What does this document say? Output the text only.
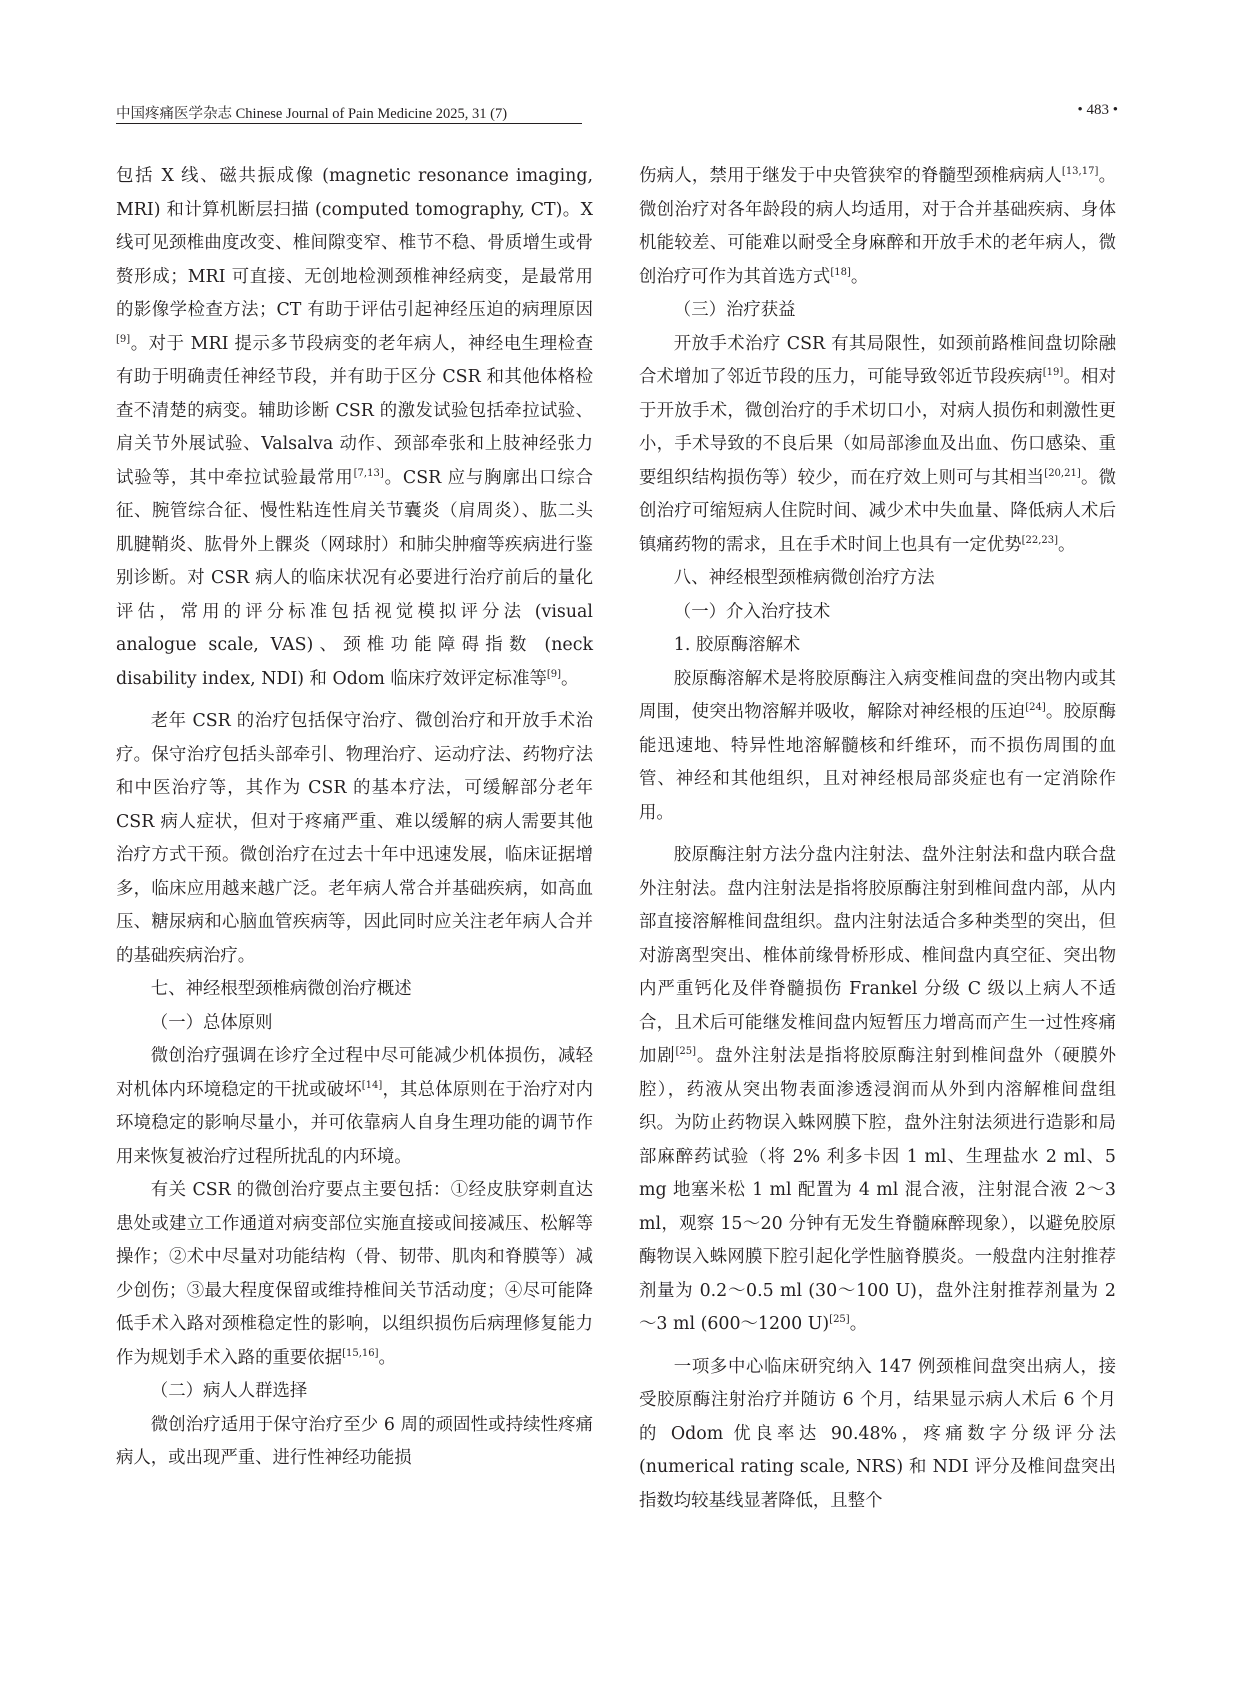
中国疼痛医学杂志 Chinese Journal of Pain Medicine 2025, 31 (7)	• 483 •

包括 X 线、磁共振成像 (magnetic resonance imaging, MRI) 和计算机断层扫描 (computed tomography, CT)。X 线可见颈椎曲度改变、椎间隙变窄、椎节不稳、骨质增生或骨赘形成；MRI 可直接、无创地检测颈椎神经病变，是最常用的影像学检查方法；CT 有助于评估引起神经压迫的病理原因[9]。对于 MRI 提示多节段病变的老年病人，神经电生理检查有助于明确责任神经节段，并有助于区分 CSR 和其他体格检查不清楚的病变。辅助诊断 CSR 的激发试验包括牵拉试验、肩关节外展试验、Valsalva 动作、颈部牵张和上肢神经张力试验等，其中牵拉试验最常用[7,13]。CSR 应与胸廓出口综合征、腕管综合征、慢性粘连性肩关节囊炎（肩周炎）、肱二头肌腱鞘炎、肱骨外上髁炎（网球肘）和肺尖肿瘤等疾病进行鉴别诊断。对 CSR 病人的临床状况有必要进行治疗前后的量化评估，常用的评分标准包括视觉模拟评分法 (visual analogue scale, VAS)、颈椎功能障碍指数 (neck disability index, NDI) 和 Odom 临床疗效评定标准等[9]。

老年 CSR 的治疗包括保守治疗、微创治疗和开放手术治疗。保守治疗包括头部牵引、物理治疗、运动疗法、药物疗法和中医治疗等，其作为 CSR 的基本疗法，可缓解部分老年 CSR 病人症状，但对于疼痛严重、难以缓解的病人需要其他治疗方式干预。微创治疗在过去十年中迅速发展，临床证据增多，临床应用越来越广泛。老年病人常合并基础疾病，如高血压、糖尿病和心脑血管疾病等，因此同时应关注老年病人合并的基础疾病治疗。

七、神经根型颈椎病微创治疗概述

（一）总体原则

微创治疗强调在诊疗全过程中尽可能减少机体损伤，减轻对机体内环境稳定的干扰或破坏[14]，其总体原则在于治疗对内环境稳定的影响尽量小，并可依靠病人自身生理功能的调节作用来恢复被治疗过程所扰乱的内环境。

有关 CSR 的微创治疗要点主要包括：①经皮肤穿刺直达患处或建立工作通道对病变部位实施直接或间接减压、松解等操作；②术中尽量对功能结构（骨、韧带、肌肉和脊膜等）减少创伤；③最大程度保留或维持椎间关节活动度；④尽可能降低手术入路对颈椎稳定性的影响，以组织损伤后病理修复能力作为规划手术入路的重要依据[15,16]。

（二）病人人群选择

微创治疗适用于保守治疗至少 6 周的顽固性或持续性疼痛病人，或出现严重、进行性神经功能损

伤病人，禁用于继发于中央管狭窄的脊髓型颈椎病病人[13,17]。微创治疗对各年龄段的病人均适用，对于合并基础疾病、身体机能较差、可能难以耐受全身麻醉和开放手术的老年病人，微创治疗可作为其首选方式[18]。

（三）治疗获益

开放手术治疗 CSR 有其局限性，如颈前路椎间盘切除融合术增加了邻近节段的压力，可能导致邻近节段疾病[19]。相对于开放手术，微创治疗的手术切口小，对病人损伤和刺激性更小，手术导致的不良后果（如局部渗血及出血、伤口感染、重要组织结构损伤等）较少，而在疗效上则可与其相当[20,21]。微创治疗可缩短病人住院时间、减少术中失血量、降低病人术后镇痛药物的需求，且在手术时间上也具有一定优势[22,23]。

八、神经根型颈椎病微创治疗方法

（一）介入治疗技术

1. 胶原酶溶解术

胶原酶溶解术是将胶原酶注入病变椎间盘的突出物内或其周围，使突出物溶解并吸收，解除对神经根的压迫[24]。胶原酶能迅速地、特异性地溶解髓核和纤维环，而不损伤周围的血管、神经和其他组织，且对神经根局部炎症也有一定消除作用。

胶原酶注射方法分盘内注射法、盘外注射法和盘内联合盘外注射法。盘内注射法是指将胶原酶注射到椎间盘内部，从内部直接溶解椎间盘组织。盘内注射法适合多种类型的突出，但对游离型突出、椎体前缘骨桥形成、椎间盘内真空征、突出物内严重钙化及伴脊髓损伤 Frankel 分级 C 级以上病人不适合，且术后可能继发椎间盘内短暂压力增高而产生一过性疼痛加剧[25]。盘外注射法是指将胶原酶注射到椎间盘外（硬膜外腔），药液从突出物表面渗透浸润而从外到内溶解椎间盘组织。为防止药物误入蛛网膜下腔，盘外注射法须进行造影和局部麻醉药试验（将 2% 利多卡因 1 ml、生理盐水 2 ml、5 mg 地塞米松 1 ml 配置为 4 ml 混合液，注射混合液 2～3 ml，观察 15～20 分钟有无发生脊髓麻醉现象），以避免胶原酶物误入蛛网膜下腔引起化学性脑脊膜炎。一般盘内注射推荐剂量为 0.2～0.5 ml (30～100 U)，盘外注射推荐剂量为 2～3 ml (600～1200 U)[25]。

一项多中心临床研究纳入 147 例颈椎间盘突出病人，接受胶原酶注射治疗并随访 6 个月，结果显示病人术后 6 个月的 Odom 优良率达 90.48%，疼痛数字分级评分法 (numerical rating scale, NRS) 和 NDI 评分及椎间盘突出指数均较基线显著降低，且整个
